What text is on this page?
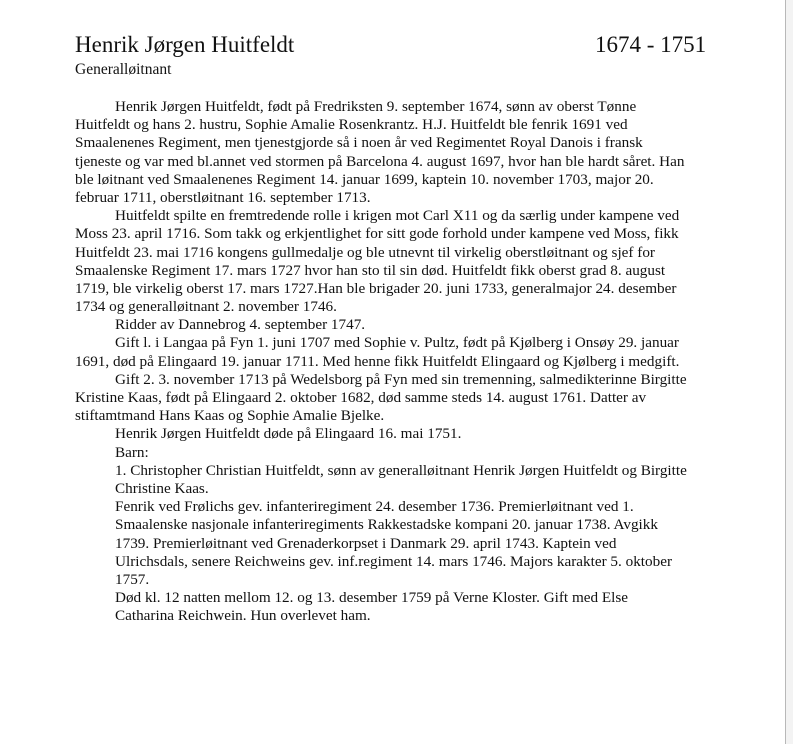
Henrik Jørgen Huitfeldt	1674 - 1751
Generalløitnant
Henrik Jørgen Huitfeldt, født på Fredriksten 9. september 1674, sønn av oberst Tønne
Huitfeldt og hans 2. hustru, Sophie Amalie Rosenkrantz. H.J. Huitfeldt ble fenrik 1691 ved
Smaalenenes Regiment, men tjenestgjorde så i noen år ved Regimentet Royal Danois i fransk
tjeneste og var med bl.annet ved stormen på Barcelona 4. august 1697, hvor han ble hardt såret. Han
ble løitnant ved Smaalenenes Regiment 14. januar 1699, kaptein 10. november 1703, major 20.
februar 1711, oberstløitnant 16. september 1713.
Huitfeldt spilte en fremtredende rolle i krigen mot Carl X11 og da særlig under kampene ved
Moss 23. april 1716. Som takk og erkjentlighet for sitt gode forhold under kampene ved Moss, fikk
Huitfeldt 23. mai 1716 kongens gullmedalje og ble utnevnt til virkelig oberstløitnant og sjef for
Smaalenske Regiment 17. mars 1727 hvor han sto til sin død. Huitfeldt fikk oberst grad 8. august
1719, ble virkelig oberst 17. mars 1727.Han ble brigader 20. juni 1733, generalmajor 24. desember
1734 og generalløitnant 2. november 1746.
Ridder av Dannebrog 4. september 1747.
Gift l. i Langaa på Fyn 1. juni 1707 med Sophie v. Pultz, født på Kjølberg i Onsøy 29. januar
1691, død på Elingaard 19. januar 1711. Med henne fikk Huitfeldt Elingaard og Kjølberg i medgift.
Gift 2. 3. november 1713 på Wedelsborg på Fyn med sin tremenning, salmedikterinne Birgitte
Kristine Kaas, født på Elingaard 2. oktober 1682, død samme steds 14. august 1761. Datter av
stiftamtmand Hans Kaas og Sophie Amalie Bjelke.
Henrik Jørgen Huitfeldt døde på Elingaard 16. mai 1751.
Barn:
1. Christopher Christian Huitfeldt, sønn av generalløitnant Henrik Jørgen Huitfeldt og Birgitte
Christine Kaas.
Fenrik ved Frølichs gev. infanteriregiment 24. desember 1736. Premierløitnant ved 1.
Smaalenske nasjonale infanteriregiments Rakkestadske kompani 20. januar 1738. Avgikk
1739. Premierløitnant ved Grenaderkorpset i Danmark 29. april 1743. Kaptein ved
Ulrichsdals, senere Reichweins gev. inf.regiment 14. mars 1746. Majors karakter 5. oktober
1757.
Død kl. 12 natten mellom 12. og 13. desember 1759 på Verne Kloster. Gift med Else
Catharina Reichwein. Hun overlevet ham.
